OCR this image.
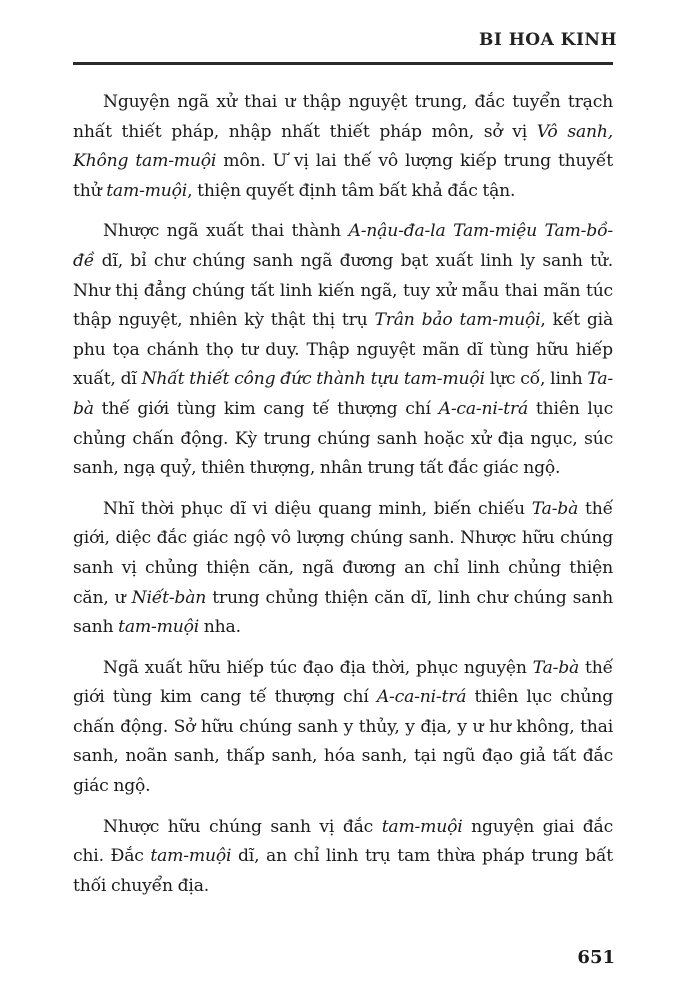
BI HOA KINH

Nguyện ngã xử thai ư thập nguyệt trung, đắc tuyển trạch nhất thiết pháp, nhập nhất thiết pháp môn, sở vị Vô sanh, Không tam-muội môn. Ư vị lai thế vô lượng kiếp trung thuyết thử tam-muội, thiện quyết định tâm bất khả đắc tận.

Nhược ngã xuất thai thành A-nậu-đa-la Tam-miệu Tam-bồ-đề dĩ, bỉ chư chúng sanh ngã đương bạt xuất linh ly sanh tử. Như thị đẳng chúng tất linh kiến ngã, tuy xử mẫu thai mãn túc thập nguyệt, nhiên kỳ thật thị trụ Trân bảo tam-muội, kết già phu tọa chánh thọ tư duy. Thập nguyệt mãn dĩ tùng hữu hiếp xuất, dĩ Nhất thiết công đức thành tựu tam-muội lực cố, linh Ta-bà thế giới tùng kim cang tế thượng chí A-ca-ni-trá thiên lục chủng chấn động. Kỳ trung chúng sanh hoặc xử địa ngục, súc sanh, ngạ quỷ, thiên thượng, nhân trung tất đắc giác ngộ.

Nhĩ thời phục dĩ vi diệu quang minh, biến chiếu Ta-bà thế giới, diệc đắc giác ngộ vô lượng chúng sanh. Nhược hữu chúng sanh vị chủng thiện căn, ngã đương an chỉ linh chủng thiện căn, ư Niết-bàn trung chủng thiện căn dĩ, linh chư chúng sanh sanh tam-muội nha.

Ngã xuất hữu hiếp túc đạo địa thời, phục nguyện Ta-bà thế giới tùng kim cang tế thượng chí A-ca-ni-trá thiên lục chủng chấn động. Sở hữu chúng sanh y thủy, y địa, y ư hư không, thai sanh, noãn sanh, thấp sanh, hóa sanh, tại ngũ đạo giả tất đắc giác ngộ.

Nhược hữu chúng sanh vị đắc tam-muội nguyện giai đắc chi. Đắc tam-muội dĩ, an chỉ linh trụ tam thừa pháp trung bất thối chuyển địa.

651
